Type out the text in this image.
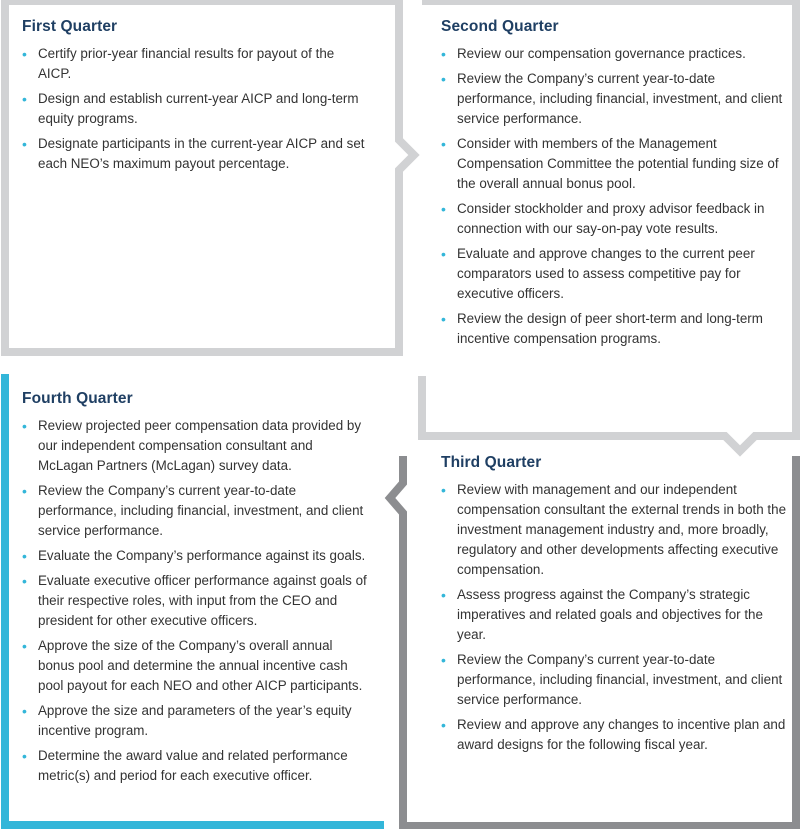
First Quarter
• Certify prior-year financial results for payout of the AICP.
• Design and establish current-year AICP and long-term equity programs.
• Designate participants in the current-year AICP and set each NEO’s maximum payout percentage.
Second Quarter
• Review our compensation governance practices.
• Review the Company’s current year-to-date performance, including financial, investment, and client service performance.
• Consider with members of the Management Compensation Committee the potential funding size of the overall annual bonus pool.
• Consider stockholder and proxy advisor feedback in connection with our say-on-pay vote results.
• Evaluate and approve changes to the current peer comparators used to assess competitive pay for executive officers.
• Review the design of peer short-term and long-term incentive compensation programs.
Third Quarter
• Review with management and our independent compensation consultant the external trends in both the investment management industry and, more broadly, regulatory and other developments affecting executive compensation.
• Assess progress against the Company’s strategic imperatives and related goals and objectives for the year.
• Review the Company’s current year-to-date performance, including financial, investment, and client service performance.
• Review and approve any changes to incentive plan and award designs for the following fiscal year.
Fourth Quarter
• Review projected peer compensation data provided by our independent compensation consultant and McLagan Partners (McLagan) survey data.
• Review the Company’s current year-to-date performance, including financial, investment, and client service performance.
• Evaluate the Company’s performance against its goals.
• Evaluate executive officer performance against goals of their respective roles, with input from the CEO and president for other executive officers.
• Approve the size of the Company’s overall annual bonus pool and determine the annual incentive cash pool payout for each NEO and other AICP participants.
• Approve the size and parameters of the year’s equity incentive program.
• Determine the award value and related performance metric(s) and period for each executive officer.
